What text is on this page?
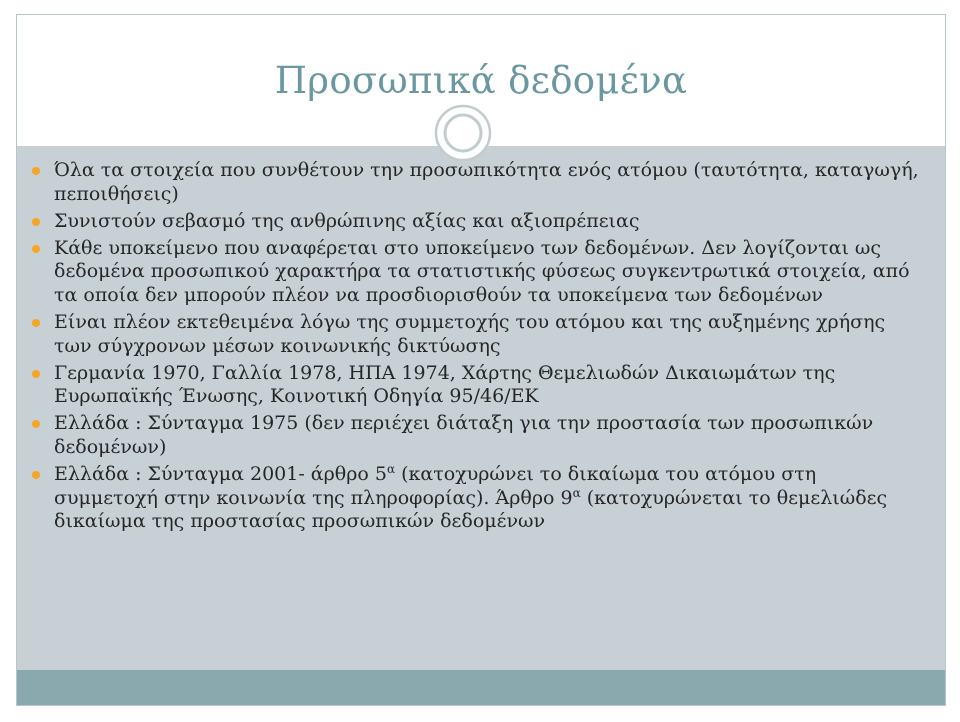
Προσωπικά δεδομένα
Όλα τα στοιχεία που συνθέτουν την προσωπικότητα ενός ατόμου (ταυτότητα, καταγωγή, πεποιθήσεις)
Συνιστούν σεβασμό της ανθρώπινης αξίας και αξιοπρέπειας
Κάθε υποκείμενο που αναφέρεται στο υποκείμενο των δεδομένων. Δεν λογίζονται ως δεδομένα προσωπικού χαρακτήρα τα στατιστικής φύσεως συγκεντρωτικά στοιχεία, από τα οποία δεν μπορούν πλέον να προσδιορισθούν τα υποκείμενα των δεδομένων
Είναι πλέον εκτεθειμένα λόγω της συμμετοχής του ατόμου και της αυξημένης χρήσης των σύγχρονων μέσων κοινωνικής δικτύωσης
Γερμανία 1970, Γαλλία 1978, ΗΠΑ 1974, Χάρτης Θεμελιωδών Δικαιωμάτων της Ευρωπαϊκής Ένωσης, Κοινοτική Οδηγία 95/46/ΕΚ
Ελλάδα : Σύνταγμα 1975 (δεν περιέχει διάταξη για την προστασία των προσωπικών δεδομένων)
Ελλάδα : Σύνταγμα 2001- άρθρο $5^\alpha$ (κατοχυρώνει το δικαίωμα του ατόμου στη συμμετοχή στην κοινωνία της πληροφορίας). Άρθρο $9^\alpha$ (κατοχυρώνεται το θεμελιώδες δικαίωμα της προστασίας προσωπικών δεδομένων
